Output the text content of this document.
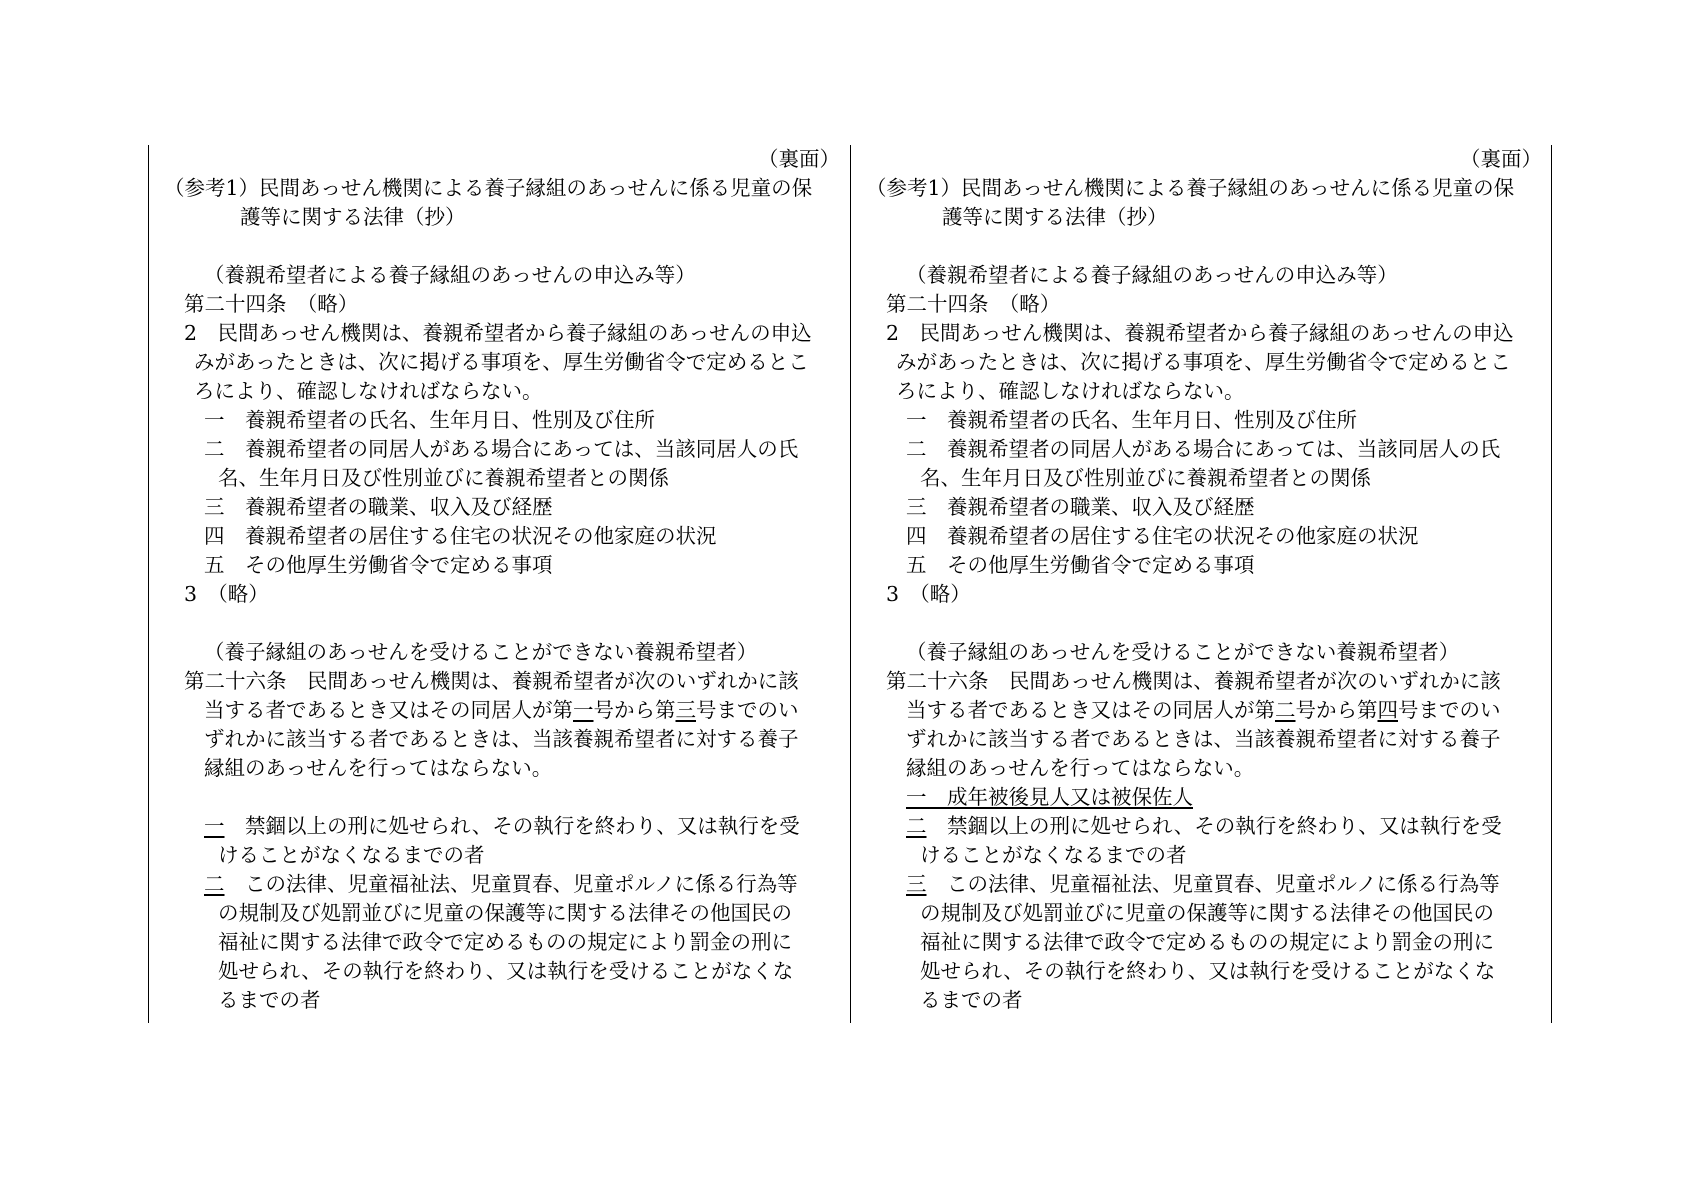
（裏面）

（参考1）民間あっせん機関による養子縁組のあっせんに係る児童の保

護等に関する法律（抄）

（養親希望者による養子縁組のあっせんの申込み等）

第二十四条　（略）

2　民間あっせん機関は、養親希望者から養子縁組のあっせんの申込

みがあったときは、次に掲げる事項を、厚生労働省令で定めるとこ

ろにより、確認しなければならない。

一　養親希望者の氏名、生年月日、性別及び住所

二　養親希望者の同居人がある場合にあっては、当該同居人の氏

名、生年月日及び性別並びに養親希望者との関係

三　養親希望者の職業、収入及び経歴

四　養親希望者の居住する住宅の状況その他家庭の状況

五　その他厚生労働省令で定める事項

3　（略）

（養子縁組のあっせんを受けることができない養親希望者）

第二十六条　民間あっせん機関は、養親希望者が次のいずれかに該

当する者であるとき又はその同居人が第一号から第三号までのい

ずれかに該当する者であるときは、当該養親希望者に対する養子

縁組のあっせんを行ってはならない。

一　禁錮以上の刑に処せられ、その執行を終わり、又は執行を受

けることがなくなるまでの者

二　この法律、児童福祉法、児童買春、児童ポルノに係る行為等

の規制及び処罰並びに児童の保護等に関する法律その他国民の

福祉に関する法律で政令で定めるものの規定により罰金の刑に

処せられ、その執行を終わり、又は執行を受けることがなくな

るまでの者

（裏面）

（参考1）民間あっせん機関による養子縁組のあっせんに係る児童の保

護等に関する法律（抄）

（養親希望者による養子縁組のあっせんの申込み等）

第二十四条　（略）

2　民間あっせん機関は、養親希望者から養子縁組のあっせんの申込

みがあったときは、次に掲げる事項を、厚生労働省令で定めるとこ

ろにより、確認しなければならない。

一　養親希望者の氏名、生年月日、性別及び住所

二　養親希望者の同居人がある場合にあっては、当該同居人の氏

名、生年月日及び性別並びに養親希望者との関係

三　養親希望者の職業、収入及び経歴

四　養親希望者の居住する住宅の状況その他家庭の状況

五　その他厚生労働省令で定める事項

3　（略）

（養子縁組のあっせんを受けることができない養親希望者）

第二十六条　民間あっせん機関は、養親希望者が次のいずれかに該

当する者であるとき又はその同居人が第二号から第四号までのい

ずれかに該当する者であるときは、当該養親希望者に対する養子

縁組のあっせんを行ってはならない。

一　成年被後見人又は被保佐人

二　禁錮以上の刑に処せられ、その執行を終わり、又は執行を受

けることがなくなるまでの者

三　この法律、児童福祉法、児童買春、児童ポルノに係る行為等

の規制及び処罰並びに児童の保護等に関する法律その他国民の

福祉に関する法律で政令で定めるものの規定により罰金の刑に

処せられ、その執行を終わり、又は執行を受けることがなくな

るまでの者
